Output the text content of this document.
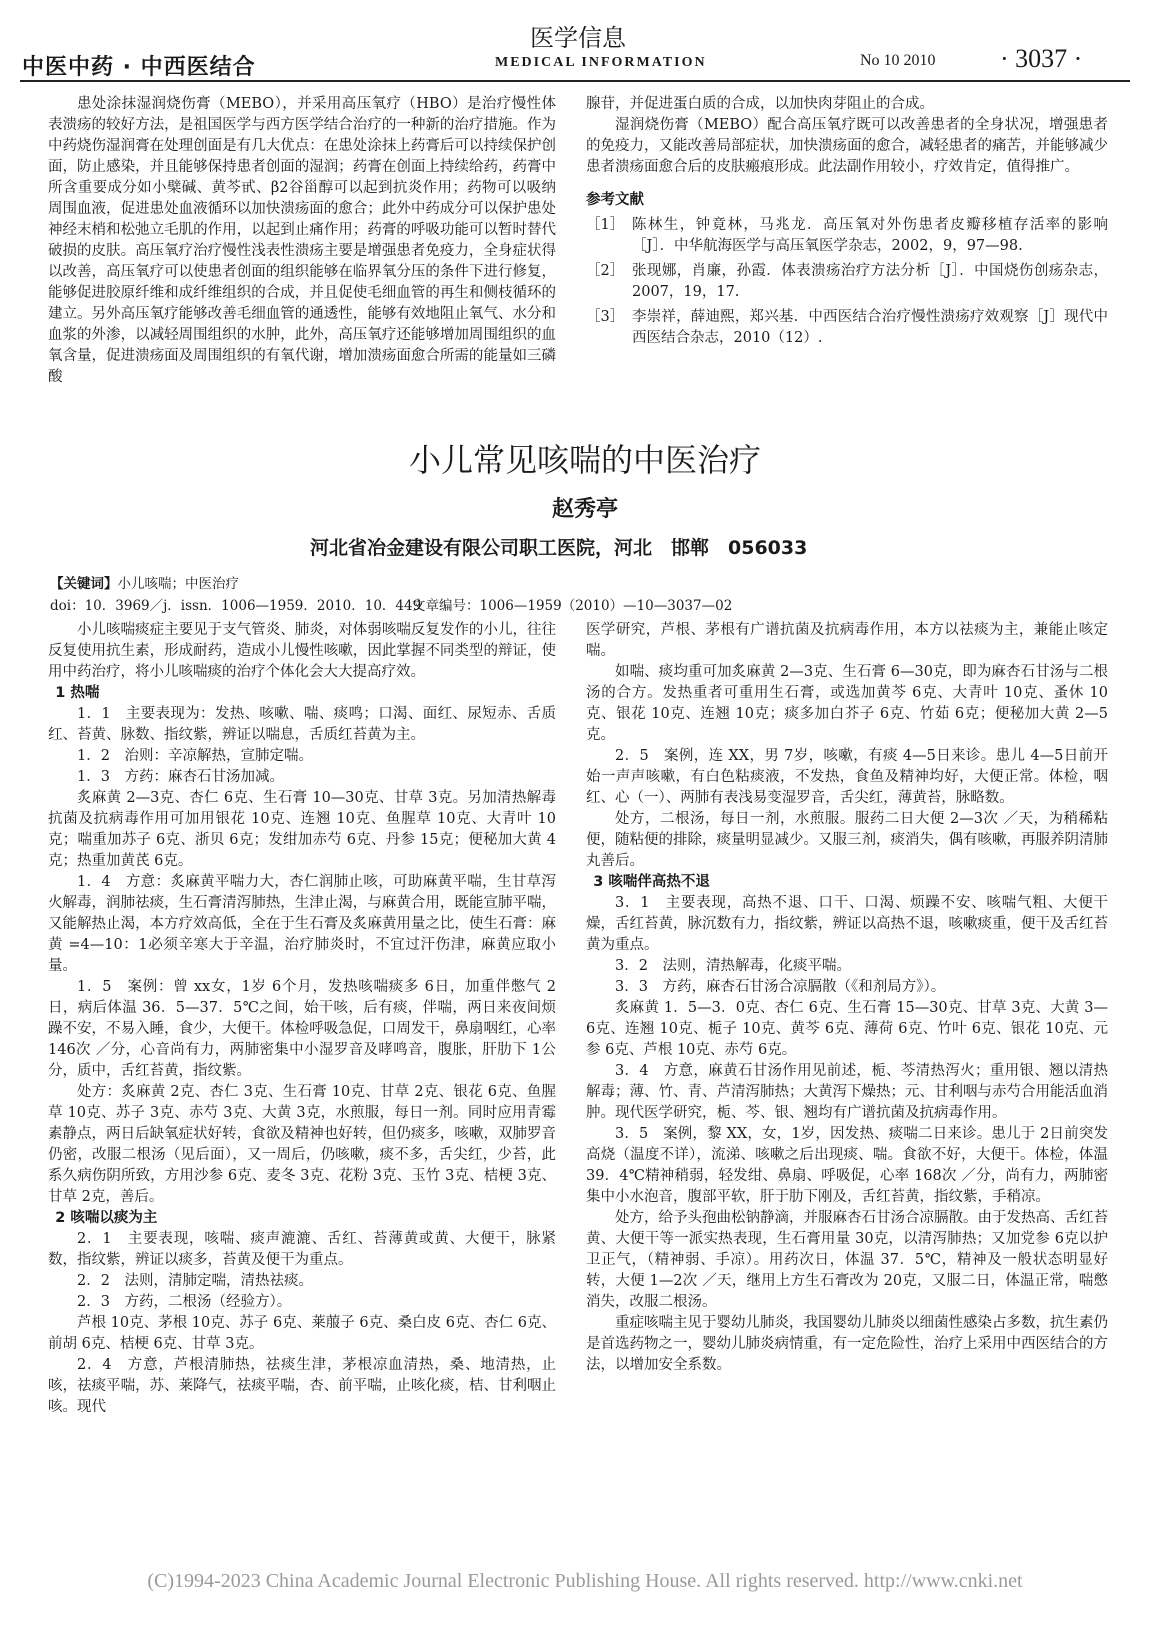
中医中药 · 中西医结合
医学信息
MEDICAL INFORMATION	No 10 2010 · 3037 ·

患处涂抹湿润烧伤膏（MEBO），并采用高压氧疗（HBO）是治疗慢性体表溃疡的较好方法，是祖国医学与西方医学结合治疗的一种新的治疗措施。作为中药烧伤湿润膏在处理创面是有几大优点：在患处涂抹上药膏后可以持续保护创面，防止感染，并且能够保持患者创面的湿润；药膏在创面上持续给药，药膏中所含重要成分如小檗碱、黄芩甙、β2谷甾醇可以起到抗炎作用；药物可以吸纳周围血液，促进患处血液循环以加快溃疡面的愈合；此外中药成分可以保护患处神经末梢和松弛立毛肌的作用，以起到止痛作用；药膏的呼吸功能可以暂时替代破损的皮肤。高压氧疗治疗慢性浅表性溃疡主要是增强患者免疫力，全身症状得以改善，高压氧疗可以使患者创面的组织能够在临界氧分压的条件下进行修复，能够促进胶原纤维和成纤维组织的合成，并且促使毛细血管的再生和侧枝循环的建立。另外高压氧疗能够改善毛细血管的通透性，能够有效地阻止氧气、水分和血浆的外渗，以减轻周围组织的水肿，此外，高压氧疗还能够增加周围组织的血氧含量，促进溃疡面及周围组织的有氧代谢，增加溃疡面愈合所需的能量如三磷酸

腺苷，并促进蛋白质的合成，以加快肉芽阻止的合成。

湿润烧伤膏（MEBO）配合高压氧疗既可以改善患者的全身状况，增强患者的免疫力，又能改善局部症状，加快溃疡面的愈合，减轻患者的痛苦，并能够减少患者溃疡面愈合后的皮肤瘢痕形成。此法副作用较小，疗效肯定，值得推广。

参考文献
［1］ 陈林生，钟竟林，马兆龙．高压氧对外伤患者皮瓣移植存活率的影响［J］．中华航海医学与高压氧医学杂志，2002，9，97—98.
［2］ 张现娜，肖廉，孙霞．体表溃疡治疗方法分析［J］．中国烧伤创疡杂志，2007，19，17.
［3］ 李崇祥，薛迪熙，郑兴基．中西医结合治疗慢性溃疡疗效观察［J］现代中西医结合杂志，2010（12）.
小儿常见咳喘的中医治疗
赵秀亭
河北省冶金建设有限公司职工医院，河北　邯郸　056033
【关键词】小儿咳喘；中医治疗
doi：10．3969／j．issn．1006—1959．2010．10．449
文章编号：1006—1959（2010）—10—3037—02

小儿咳喘痰症主要见于支气管炎、肺炎，对体弱咳喘反复发作的小儿，往往反复使用抗生素，形成耐药，造成小儿慢性咳嗽，因此掌握不同类型的辩证，使用中药治疗，将小儿咳喘痰的治疗个体化会大大提高疗效。

1 热喘

1．1　主要表现为：发热、咳嗽、喘、痰鸣；口渴、面红、尿短赤、舌质红、苔黄、脉数、指纹紫，辨证以喘息，舌质红苔黄为主。

1．2　治则：辛凉解热，宣肺定喘。

1．3　方药：麻杏石甘汤加减。

炙麻黄 2—3克、杏仁 6克、生石膏 10—30克、甘草 3克。另加清热解毒抗菌及抗病毒作用可加用银花 10克、连翘 10克、鱼腥草 10克、大青叶 10克；喘重加苏子 6克、浙贝 6克；发绀加赤芍 6克、丹参 15克；便秘加大黄 4克；热重加黄芪 6克。

1．4　方意：炙麻黄平喘力大，杏仁润肺止咳，可助麻黄平喘，生甘草泻火解毒，润肺祛痰，生石膏清泻肺热，生津止渴，与麻黄合用，既能宣肺平喘，又能解热止渴，本方疗效高低，全在于生石膏及炙麻黄用量之比，使生石膏：麻黄 =4—10：1必须辛寒大于辛温，治疗肺炎时，不宜过汗伤津，麻黄应取小量。

1．5　案例：曾 xx女，1岁 6个月，发热咳喘痰多 6日，加重伴憋气 2日，病后体温 36．5—37．5℃之间，始干咳，后有痰，伴喘，两日来夜间烦躁不安，不易入睡，食少，大便干。体检呼吸急促，口周发干，鼻扇咽红，心率 146次 ／分，心音尚有力，两肺密集中小湿罗音及哮鸣音，腹胀，肝肋下 1公分，质中，舌红苔黄，指纹紫。

处方：炙麻黄 2克、杏仁 3克、生石膏 10克、甘草 2克、银花 6克、鱼腥草 10克、苏子 3克、赤芍 3克、大黄 3克，水煎服，每日一剂。同时应用青霉素静点，两日后缺氧症状好转，食欲及精神也好转，但仍痰多，咳嗽，双肺罗音仍密，改服二根汤（见后面），又一周后，仍咳嗽，痰不多，舌尖红，少苔，此系久病伤阴所致，方用沙参 6克、麦冬 3克、花粉 3克、玉竹 3克、桔梗 3克、甘草 2克，善后。

2 咳喘以痰为主

2．1　主要表现，咳喘、痰声漉漉、舌红、苔薄黄或黄、大便干，脉紧数，指纹紫，辨证以痰多，苔黄及便干为重点。

2．2　法则，清肺定喘，清热祛痰。

2．3　方药，二根汤（经验方）。

芦根 10克、茅根 10克、苏子 6克、莱菔子 6克、桑白皮 6克、杏仁 6克、前胡 6克、桔梗 6克、甘草 3克。

2．4　方意，芦根清肺热，祛痰生津，茅根凉血清热，桑、地清热，止咳，祛痰平喘，苏、莱降气，祛痰平喘，杏、前平喘，止咳化痰，桔、甘利咽止咳。现代

医学研究，芦根、茅根有广谱抗菌及抗病毒作用，本方以祛痰为主，兼能止咳定喘。

如喘、痰均重可加炙麻黄 2—3克、生石膏 6—30克，即为麻杏石甘汤与二根汤的合方。发热重者可重用生石膏，或选加黄芩 6克、大青叶 10克、蚤休 10克、银花 10克、连翘 10克；痰多加白芥子 6克、竹茹 6克；便秘加大黄 2—5克。

2．5　案例，连 XX，男 7岁，咳嗽，有痰 4—5日来诊。患儿 4—5日前开始一声声咳嗽，有白色粘痰液，不发热，食鱼及精神均好，大便正常。体检，咽红、心（一）、两肺有表浅易变湿罗音，舌尖红，薄黄苔，脉略数。

处方，二根汤，每日一剂，水煎服。服药二日大便 2—3次 ／天，为稍稀粘便，随粘便的排除，痰量明显减少。又服三剂，痰消失，偶有咳嗽，再服养阴清肺丸善后。

3 咳喘伴高热不退

3．1　主要表现，高热不退、口干、口渴、烦躁不安、咳喘气粗、大便干燥，舌红苔黄，脉沉数有力，指纹紫，辨证以高热不退，咳嗽痰重，便干及舌红苔黄为重点。

3．2　法则，清热解毒，化痰平喘。

3．3　方药，麻杏石甘汤合凉膈散（《和剂局方》）。

炙麻黄 1．5—3．0克、杏仁 6克、生石膏 15—30克、甘草 3克、大黄 3—6克、连翘 10克、栀子 10克、黄芩 6克、薄荷 6克、竹叶 6克、银花 10克、元参 6克、芦根 10克、赤芍 6克。

3．4　方意，麻黄石甘汤作用见前述，栀、芩清热泻火；重用银、翘以清热解毒；薄、竹、青、芦清泻肺热；大黄泻下燥热；元、甘利咽与赤芍合用能活血消肿。现代医学研究，栀、芩、银、翘均有广谱抗菌及抗病毒作用。

3．5　案例，黎 XX，女，1岁，因发热、痰喘二日来诊。患儿于 2日前突发高烧（温度不详），流涕、咳嗽之后出现痰、喘。食欲不好，大便干。体检，体温 39．4℃精神稍弱，轻发绀、鼻扇、呼吸促，心率 168次 ／分，尚有力，两肺密集中小水泡音，腹部平软，肝于肋下刚及，舌红苔黄，指纹紫，手稍凉。

处方，给予头孢曲松钠静滴，并服麻杏石甘汤合凉膈散。由于发热高、舌红苔黄、大便干等一派实热表现，生石膏用量 30克，以清泻肺热；又加党参 6克以护卫正气，（精神弱、手凉）。用药次日，体温 37．5℃，精神及一般状态明显好转，大便 1—2次 ／天，继用上方生石膏改为 20克，又服二日，体温正常，喘憋消失，改服二根汤。

重症咳喘主见于婴幼儿肺炎，我国婴幼儿肺炎以细菌性感染占多数，抗生素仍是首选药物之一，婴幼儿肺炎病情重，有一定危险性，治疗上采用中西医结合的方法，以增加安全系数。

(C)1994-2023 China Academic Journal Electronic Publishing House. All rights reserved. http://www.cnki.net
